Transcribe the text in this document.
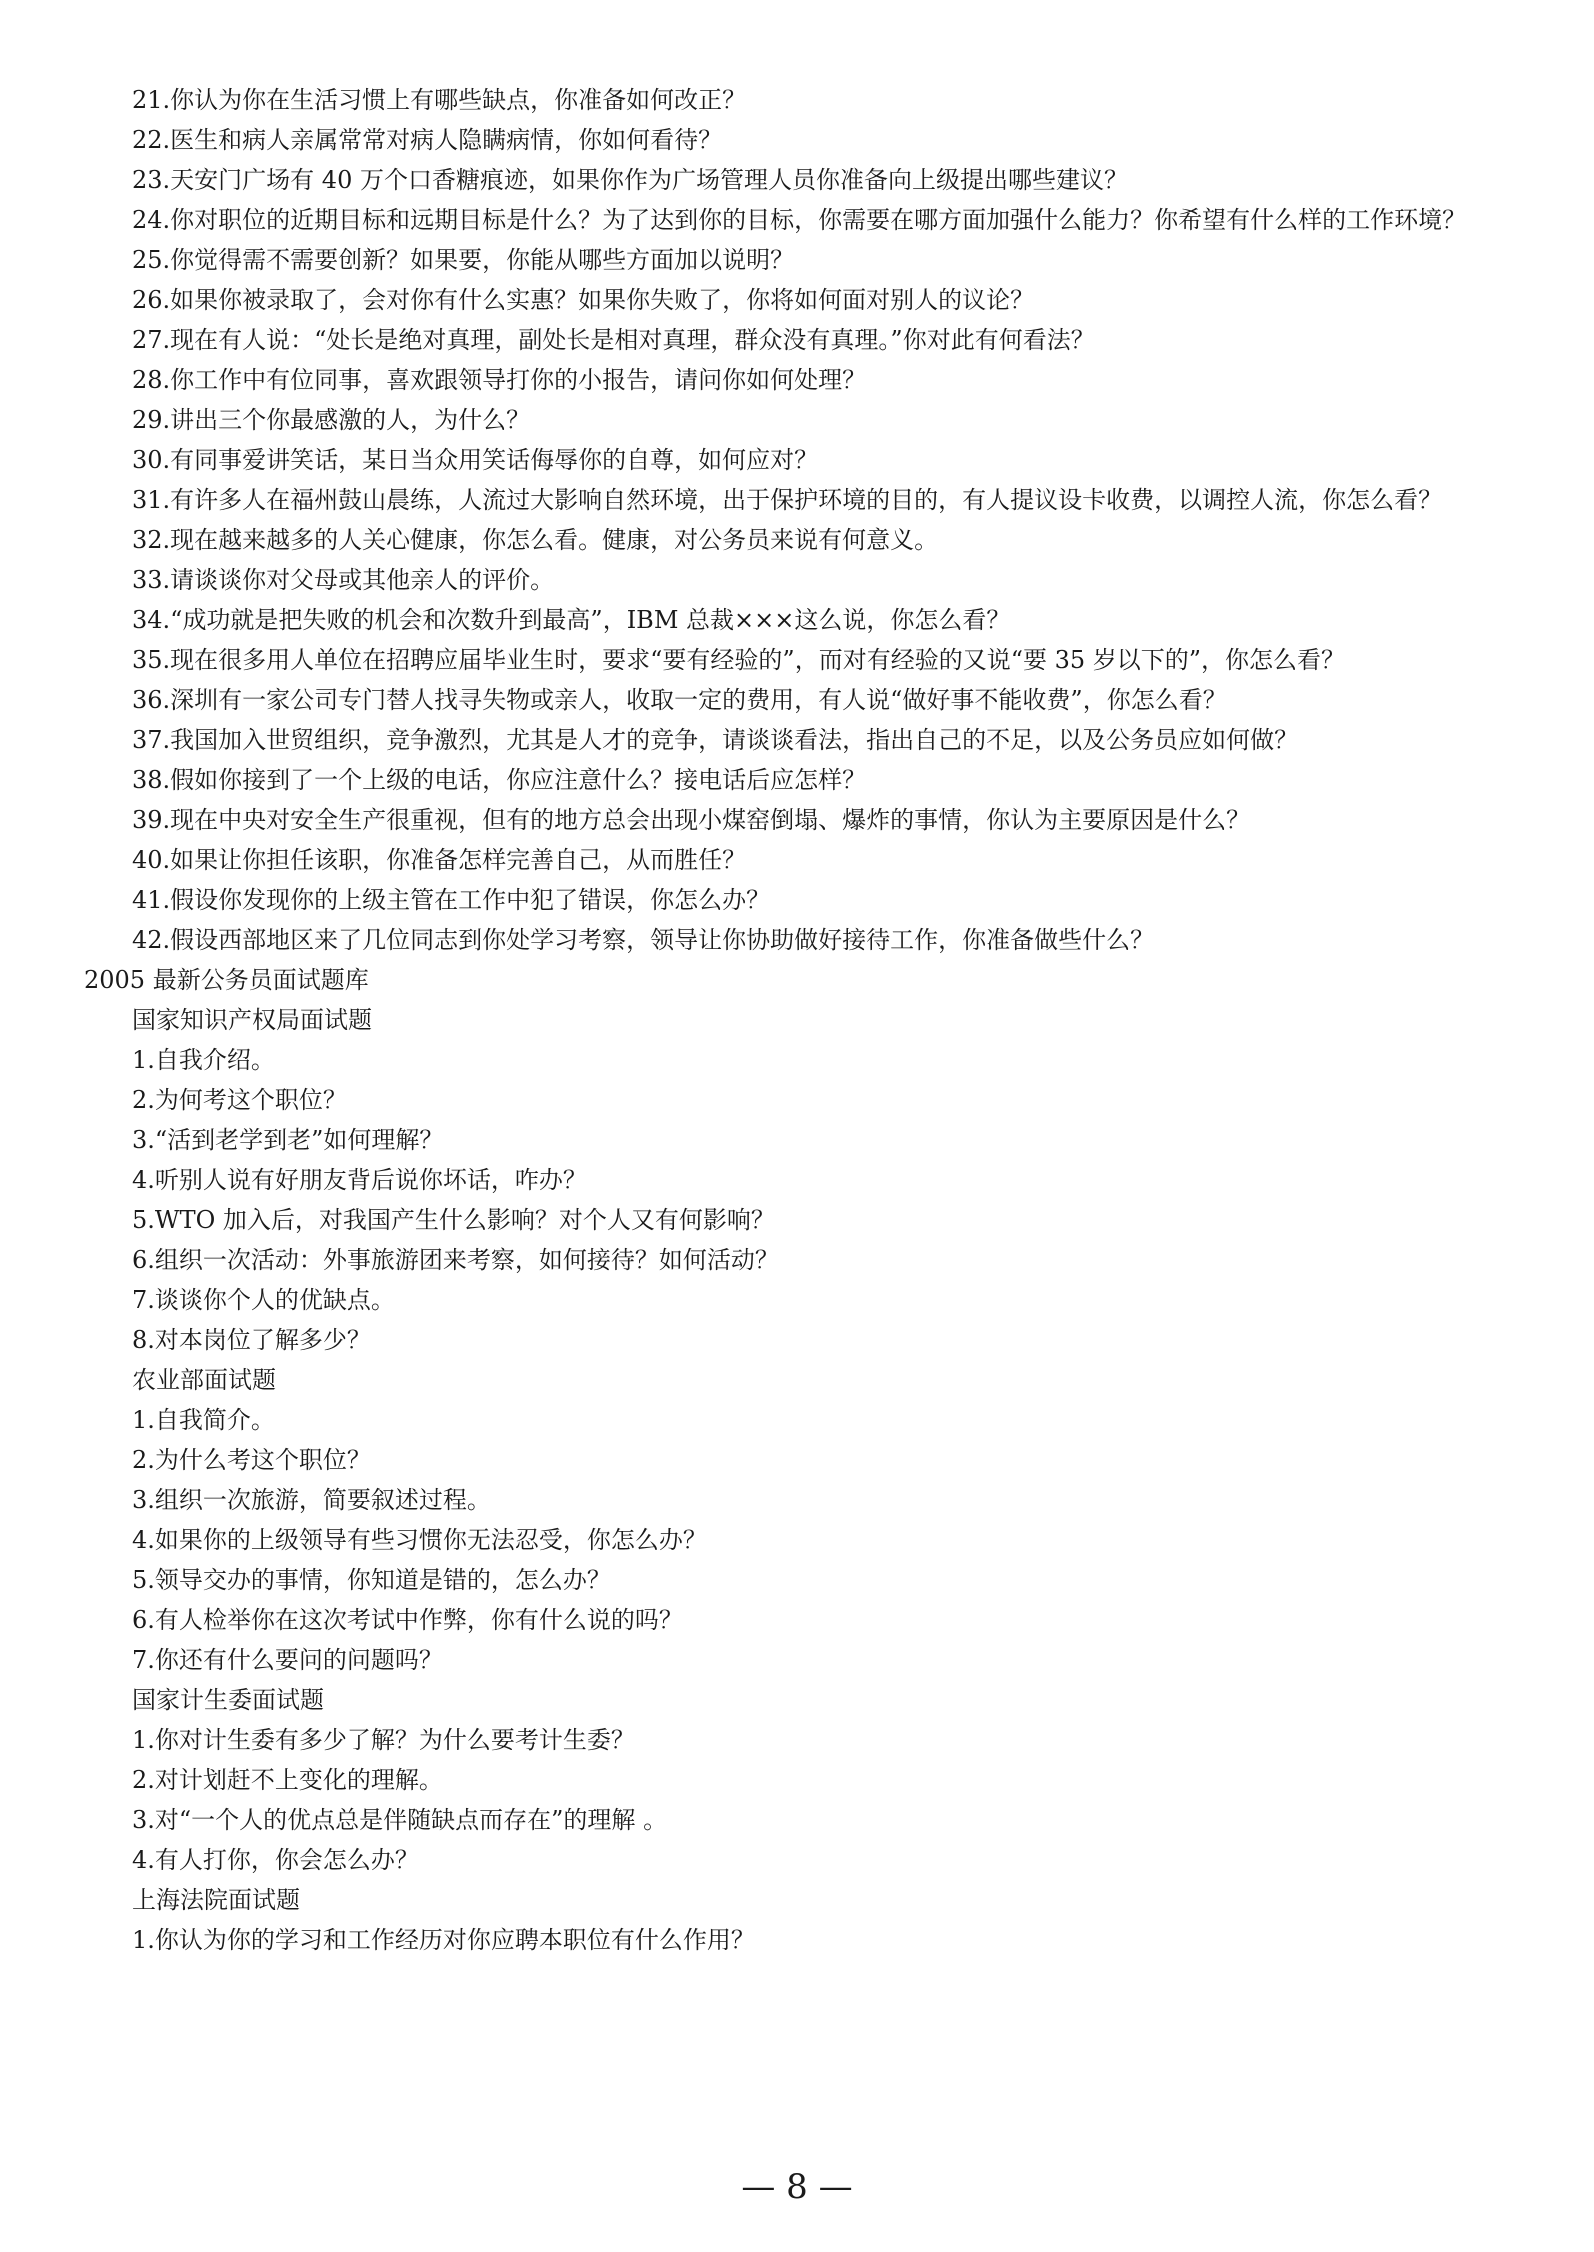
21.你认为你在生活习惯上有哪些缺点，你准备如何改正？

22.医生和病人亲属常常对病人隐瞒病情，你如何看待？

23.天安门广场有 40 万个口香糖痕迹，如果你作为广场管理人员你准备向上级提出哪些建议？

24.你对职位的近期目标和远期目标是什么？为了达到你的目标，你需要在哪方面加强什么能力？你希望有什么样的工作环境？

25.你觉得需不需要创新？如果要，你能从哪些方面加以说明？

26.如果你被录取了，会对你有什么实惠？如果你失败了，你将如何面对别人的议论？

27.现在有人说：“处长是绝对真理，副处长是相对真理，群众没有真理。”你对此有何看法？

28.你工作中有位同事，喜欢跟领导打你的小报告，请问你如何处理？

29.讲出三个你最感激的人，为什么？

30.有同事爱讲笑话，某日当众用笑话侮辱你的自尊，如何应对？

31.有许多人在福州鼓山晨练，人流过大影响自然环境，出于保护环境的目的，有人提议设卡收费，以调控人流，你怎么看？

32.现在越来越多的人关心健康，你怎么看。健康，对公务员来说有何意义。

33.请谈谈你对父母或其他亲人的评价。

34.“成功就是把失败的机会和次数升到最高”，IBM 总裁×××这么说，你怎么看？

35.现在很多用人单位在招聘应届毕业生时，要求“要有经验的”，而对有经验的又说“要 35 岁以下的”，你怎么看？

36.深圳有一家公司专门替人找寻失物或亲人，收取一定的费用，有人说“做好事不能收费”，你怎么看？

37.我国加入世贸组织，竞争激烈，尤其是人才的竞争，请谈谈看法，指出自己的不足，以及公务员应如何做？

38.假如你接到了一个上级的电话，你应注意什么？接电话后应怎样？

39.现在中央对安全生产很重视，但有的地方总会出现小煤窑倒塌、爆炸的事情，你认为主要原因是什么？

40.如果让你担任该职，你准备怎样完善自己，从而胜任？

41.假设你发现你的上级主管在工作中犯了错误，你怎么办？

42.假设西部地区来了几位同志到你处学习考察，领导让你协助做好接待工作，你准备做些什么？

2005 最新公务员面试题库

国家知识产权局面试题

1.自我介绍。

2.为何考这个职位？

3.“活到老学到老”如何理解？

4.听别人说有好朋友背后说你坏话，咋办？

5.WTO 加入后，对我国产生什么影响？对个人又有何影响？

6.组织一次活动：外事旅游团来考察，如何接待？如何活动？

7.谈谈你个人的优缺点。

8.对本岗位了解多少？

农业部面试题

1.自我简介。

2.为什么考这个职位？

3.组织一次旅游，简要叙述过程。

4.如果你的上级领导有些习惯你无法忍受，你怎么办？

5.领导交办的事情，你知道是错的，怎么办？

6.有人检举你在这次考试中作弊，你有什么说的吗？

7.你还有什么要问的问题吗？

国家计生委面试题

1.你对计生委有多少了解？为什么要考计生委？

2.对计划赶不上变化的理解。

3.对“一个人的优点总是伴随缺点而存在”的理解 。

4.有人打你，你会怎么办？

上海法院面试题

1.你认为你的学习和工作经历对你应聘本职位有什么作用？

— 8 —
